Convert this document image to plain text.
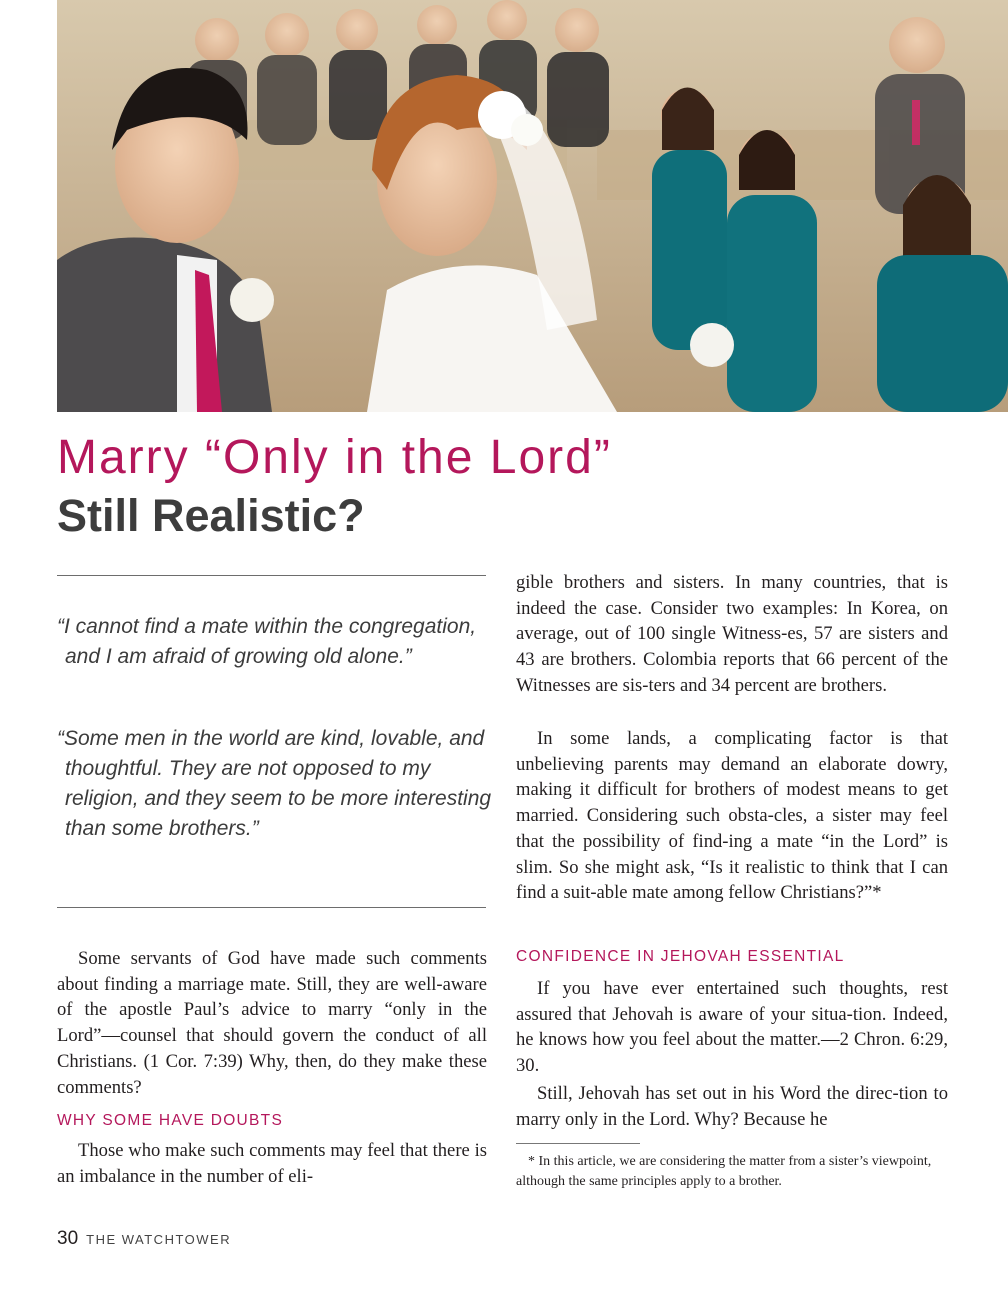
Marry “Only in the Lord”
Still Realistic?

“I cannot find a mate within the congregation, and I am afraid of growing old alone.”

“Some men in the world are kind, lovable, and thoughtful. They are not opposed to my religion, and they seem to be more interesting than some brothers.”

Some servants of God have made such comments about finding a marriage mate. Still, they are well-aware of the apostle Paul’s advice to marry “only in the Lord”—counsel that should govern the conduct of all Christians. (1 Cor. 7:39) Why, then, do they make these comments?

WHY SOME HAVE DOUBTS

Those who make such comments may feel that there is an imbalance in the number of eli-

gible brothers and sisters. In many countries, that is indeed the case. Consider two examples: In Korea, on average, out of 100 single Witness-es, 57 are sisters and 43 are brothers. Colombia reports that 66 percent of the Witnesses are sis-ters and 34 percent are brothers.

In some lands, a complicating factor is that unbelieving parents may demand an elaborate dowry, making it difficult for brothers of modest means to get married. Considering such obsta-cles, a sister may feel that the possibility of find-ing a mate “in the Lord” is slim. So she might ask, “Is it realistic to think that I can find a suit-able mate among fellow Christians?”*

CONFIDENCE IN JEHOVAH ESSENTIAL

If you have ever entertained such thoughts, rest assured that Jehovah is aware of your situa-tion. Indeed, he knows how you feel about the matter.—2 Chron. 6:29, 30.

Still, Jehovah has set out in his Word the direc-tion to marry only in the Lord. Why? Because he

* In this article, we are considering the matter from a sister’s viewpoint, although the same principles apply to a brother.

30 THE WATCHTOWER
